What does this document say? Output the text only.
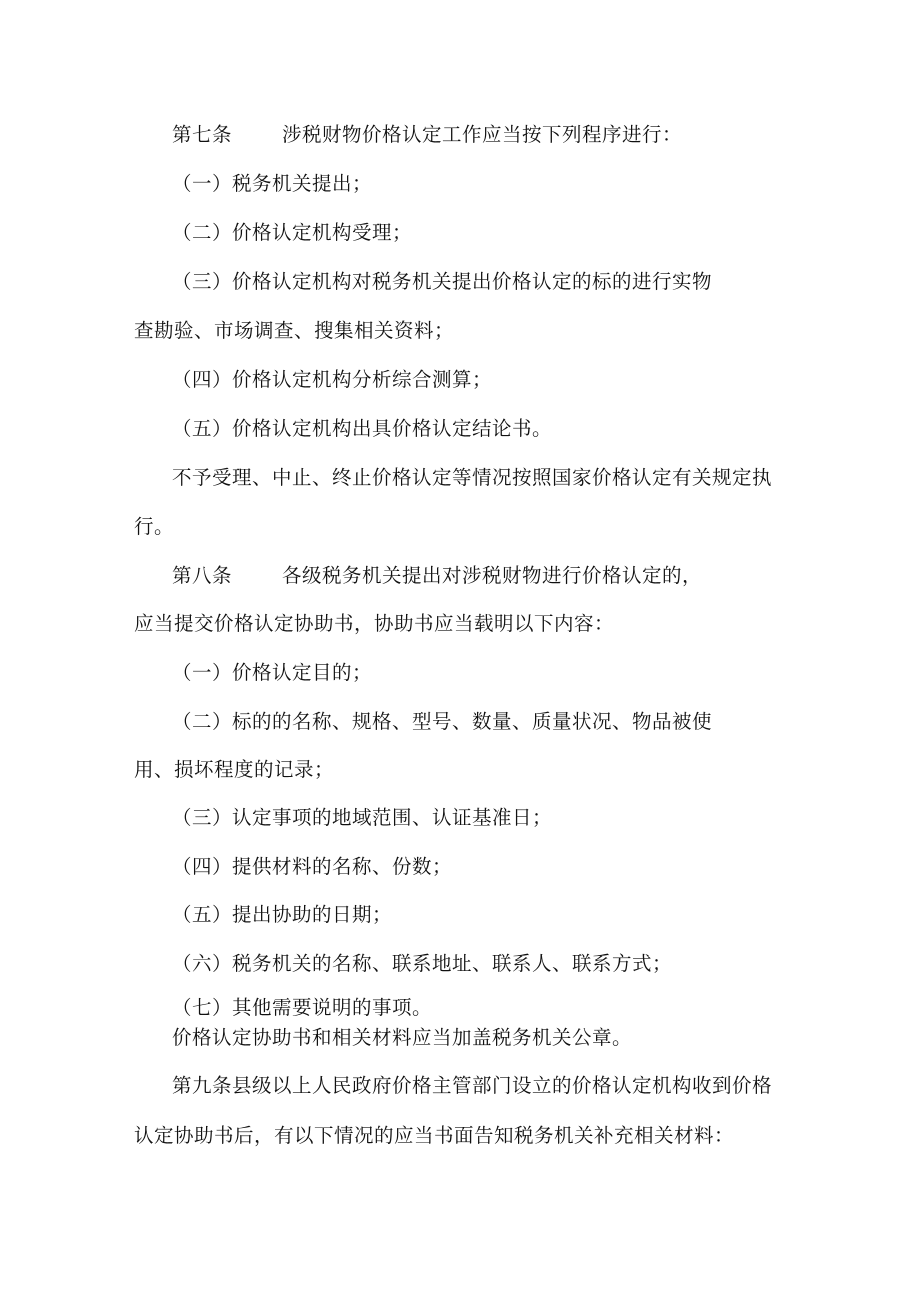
第七条	涉税财物价格认定工作应当按下列程序进行：
（一）税务机关提出；
（二）价格认定机构受理；
（三）价格认定机构对税务机关提出价格认定的标的进行实物
查勘验、市场调查、搜集相关资料；
（四）价格认定机构分析综合测算；
（五）价格认定机构出具价格认定结论书。
不予受理、中止、终止价格认定等情况按照国家价格认定有关规定执
行。
第八条	各级税务机关提出对涉税财物进行价格认定的，
应当提交价格认定协助书，协助书应当载明以下内容：
（一）价格认定目的；
（二）标的的名称、规格、型号、数量、质量状况、物品被使
用、损坏程度的记录；
（三）认定事项的地域范围、认证基准日；
（四）提供材料的名称、份数；
（五）提出协助的日期；
（六）税务机关的名称、联系地址、联系人、联系方式；
（七）其他需要说明的事项。
价格认定协助书和相关材料应当加盖税务机关公章。
第九条县级以上人民政府价格主管部门设立的价格认定机构收到价格
认定协助书后，有以下情况的应当书面告知税务机关补充相关材料：
